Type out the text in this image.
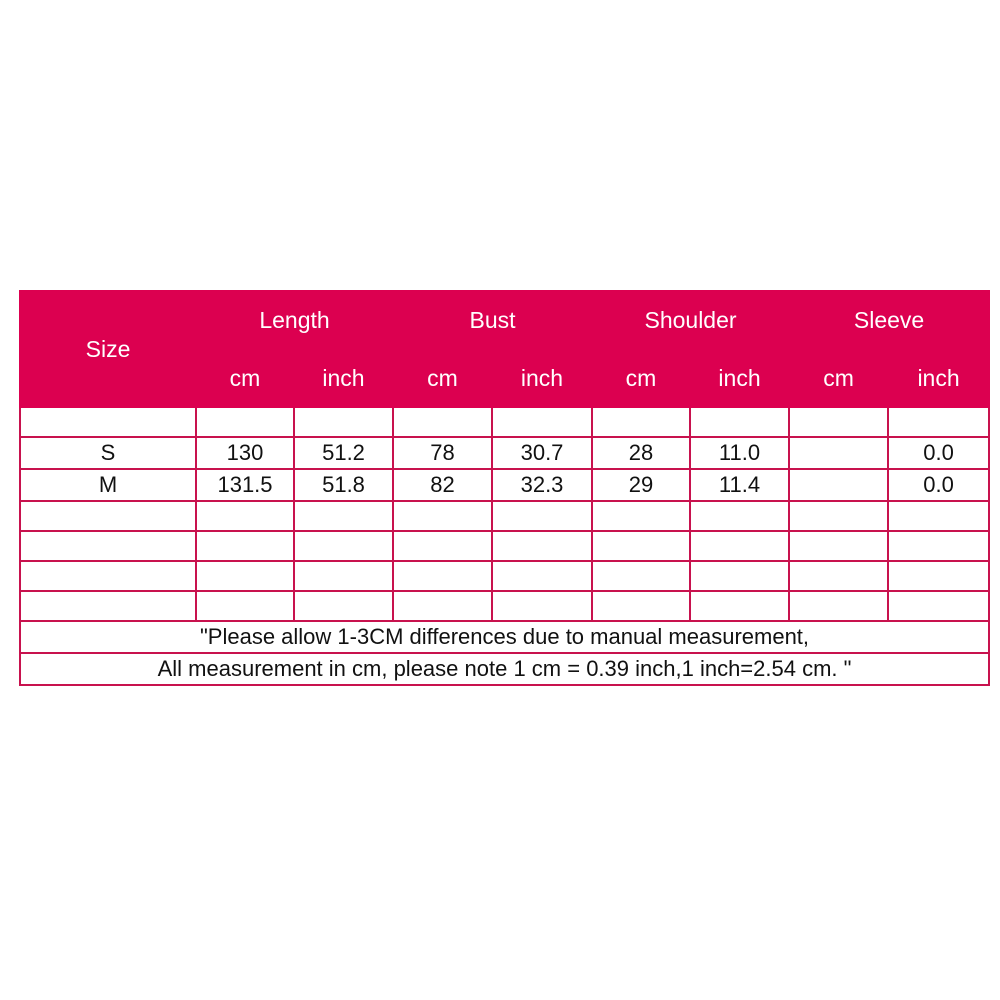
Size	Length		Bust		Shoulder		Sleeve	
	cm	inch	cm	inch	cm	inch	cm	inch

S	130	51.2	78	30.7	28	11.0		0.0
M	131.5	51.8	82	32.3	29	11.4		0.0

"Please allow 1-3CM differences due to manual measurement,								
All measurement in cm, please note 1 cm = 0.39 inch,1 inch=2.54 cm. "								
